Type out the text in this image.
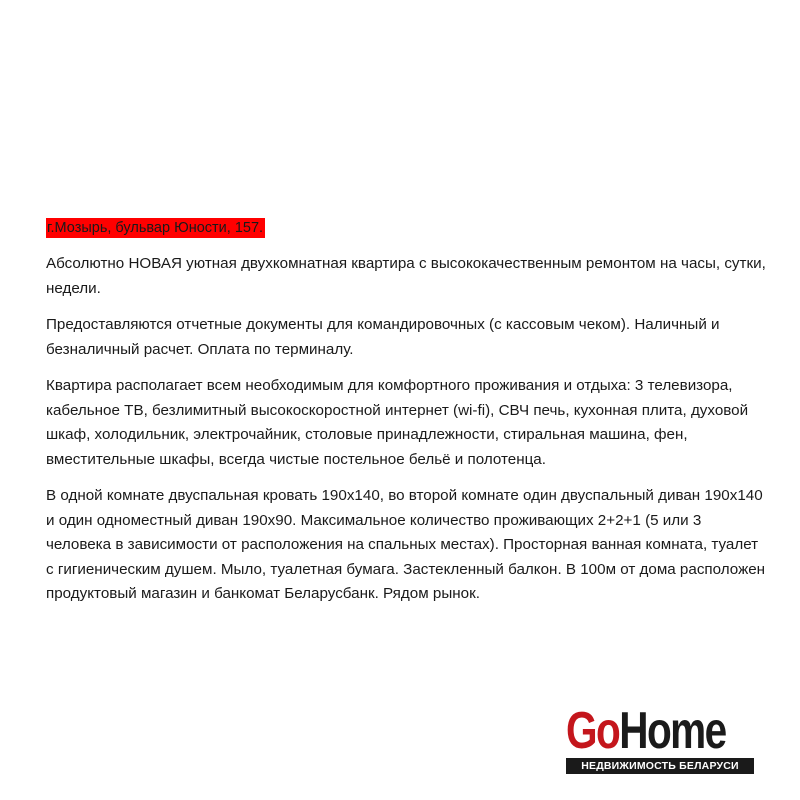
г.Мозырь, бульвар Юности, 157.

Абсолютно НОВАЯ уютная двухкомнатная квартира с высококачественным ремонтом на часы, сутки, недели.

Предоставляются отчетные документы для командировочных (с кассовым чеком). Наличный и безналичный расчет. Оплата по терминалу.

Квартира располагает всем необходимым для комфортного проживания и отдыха: 3 телевизора, кабельное ТВ, безлимитный высокоскоростной интернет (wi-fi), СВЧ печь, кухонная плита, духовой шкаф, холодильник, электрочайник, столовые принадлежности, стиральная машина, фен, вместительные шкафы, всегда чистые постельное бельё и полотенца.

В одной комнате двуспальная кровать 190х140, во второй комнате один двуспальный диван 190х140 и один одноместный диван 190х90. Максимальное количество проживающих 2+2+1 (5 или 3 человека в зависимости от расположения на спальных местах). Просторная ванная комната, туалет с гигиеническим душем. Мыло, туалетная бумага. Застекленный балкон. В 100м от дома расположен продуктовый магазин и банкомат Беларусбанк. Рядом рынок.

GoHome
НЕДВИЖИМОСТЬ БЕЛАРУСИ
